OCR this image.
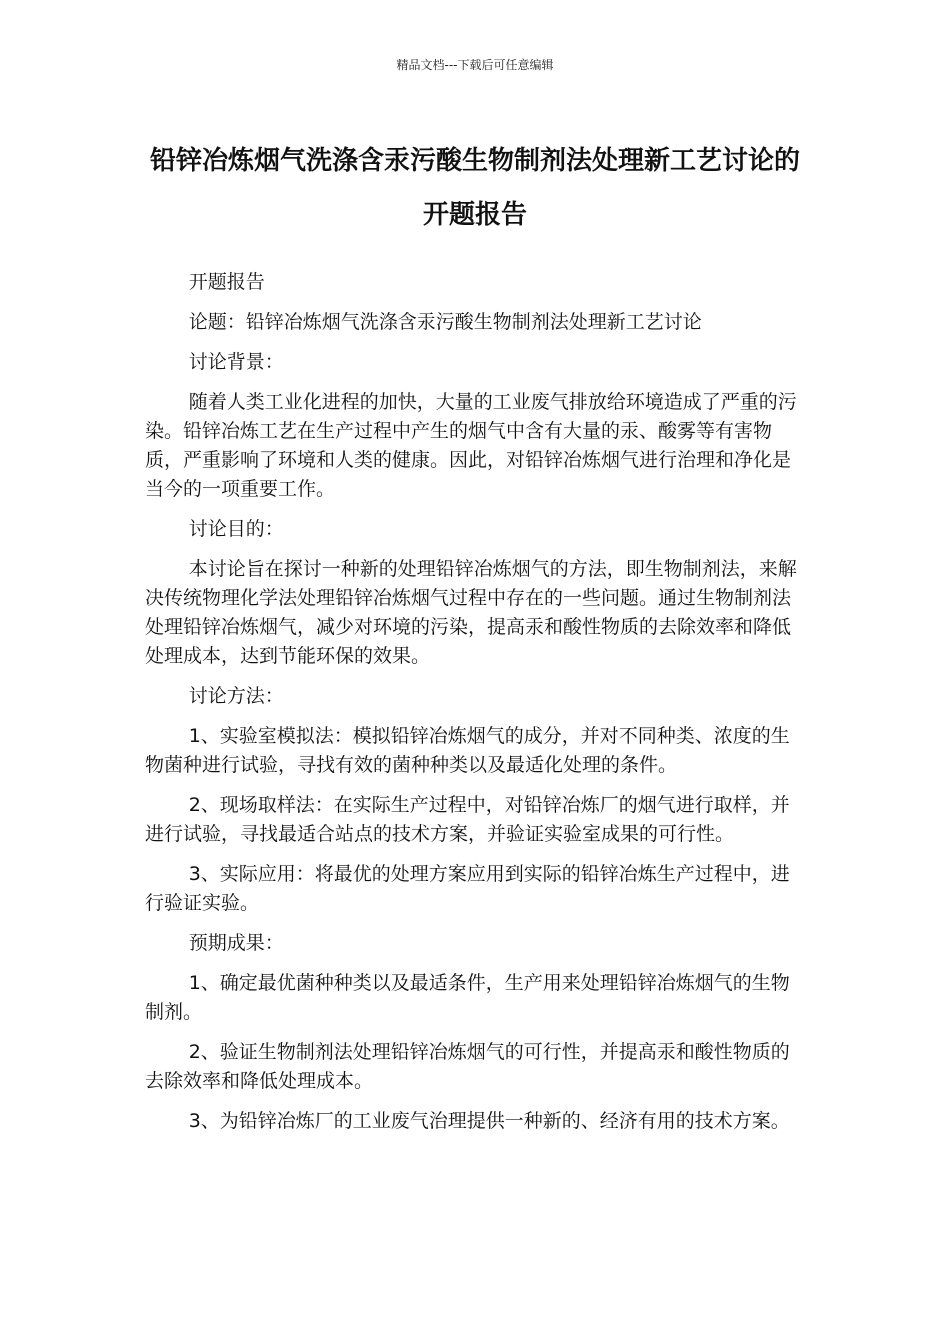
精品文档---下载后可任意编辑
铅锌冶炼烟气洗涤含汞污酸生物制剂法处理新工艺讨论的开题报告

开题报告

论题：铅锌冶炼烟气洗涤含汞污酸生物制剂法处理新工艺讨论

讨论背景：

随着人类工业化进程的加快，大量的工业废气排放给环境造成了严重的污染。铅锌冶炼工艺在生产过程中产生的烟气中含有大量的汞、酸雾等有害物质，严重影响了环境和人类的健康。因此，对铅锌冶炼烟气进行治理和净化是当今的一项重要工作。

讨论目的：

本讨论旨在探讨一种新的处理铅锌冶炼烟气的方法，即生物制剂法，来解决传统物理化学法处理铅锌冶炼烟气过程中存在的一些问题。通过生物制剂法处理铅锌冶炼烟气，减少对环境的污染，提高汞和酸性物质的去除效率和降低处理成本，达到节能环保的效果。

讨论方法：

1、实验室模拟法：模拟铅锌冶炼烟气的成分，并对不同种类、浓度的生物菌种进行试验，寻找有效的菌种种类以及最适化处理的条件。

2、现场取样法：在实际生产过程中，对铅锌冶炼厂的烟气进行取样，并进行试验，寻找最适合站点的技术方案，并验证实验室成果的可行性。

3、实际应用：将最优的处理方案应用到实际的铅锌冶炼生产过程中，进行验证实验。

预期成果：

1、确定最优菌种种类以及最适条件，生产用来处理铅锌冶炼烟气的生物制剂。

2、验证生物制剂法处理铅锌冶炼烟气的可行性，并提高汞和酸性物质的去除效率和降低处理成本。

3、为铅锌冶炼厂的工业废气治理提供一种新的、经济有用的技术方案。
